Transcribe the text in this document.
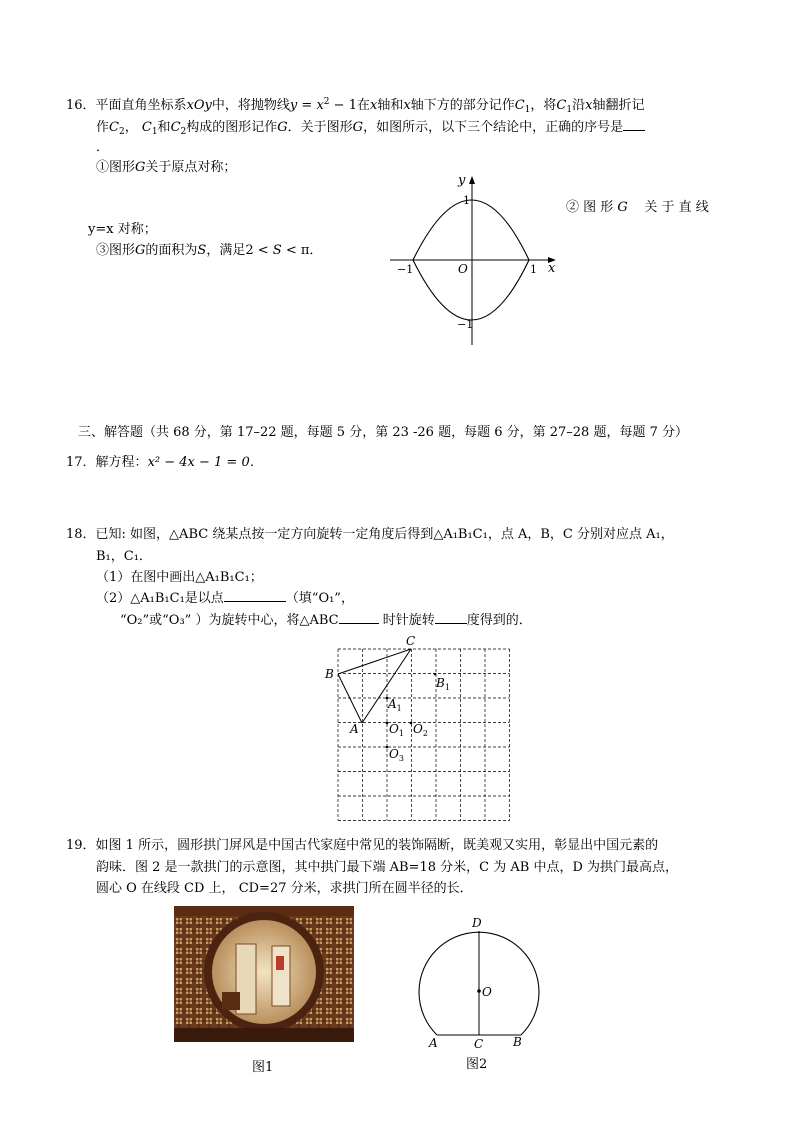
16．平面直角坐标系xOy中，将抛物线$y = x^2 - 1$在x轴和x轴下方的部分记作$C_1$，将$C_1$沿x轴翻折记
作$C_2$， $C_1$和$C_2$构成的图形记作G．关于图形G，如图所示，以下三个结论中，正确的序号是
．
①图形G关于原点对称；
② 图 形 G    关 于 直 线
y=x 对称；
③图形G的面积为S，满足2 < S < π．
y
x
O
−1	1
1
−1
三、解答题（共 68 分，第 17–22 题，每题 5 分，第 23 -26 题，每题 6 分，第 27–28 题，每题 7 分）
17．解方程：x² − 4x − 1 = 0．
18．已知: 如图，△ABC 绕某点按一定方向旋转一定角度后得到△A₁B₁C₁，点 A，B，C 分别对应点 A₁，
B₁，C₁．
（1）在图中画出△A₁B₁C₁；
（2）△A₁B₁C₁是以点	（填“O₁”，
“O₂”或“O₃” ）为旋转中心，将△ABC	时针旋转 度得到的．
B
C
A
$B_1$
$A_1$
$O_1$ $O_2$
$O_3$
19．如图 1 所示，圆形拱门屏风是中国古代家庭中常见的装饰隔断，既美观又实用，彰显出中国元素的
韵味．图 2 是一款拱门的示意图，其中拱门最下端 AB=18 分米，C 为 AB 中点，D 为拱门最高点，
圆心 O 在线段 CD 上， CD=27 分米，求拱门所在圆半径的长．
图1
D
O
A	C B
图2
